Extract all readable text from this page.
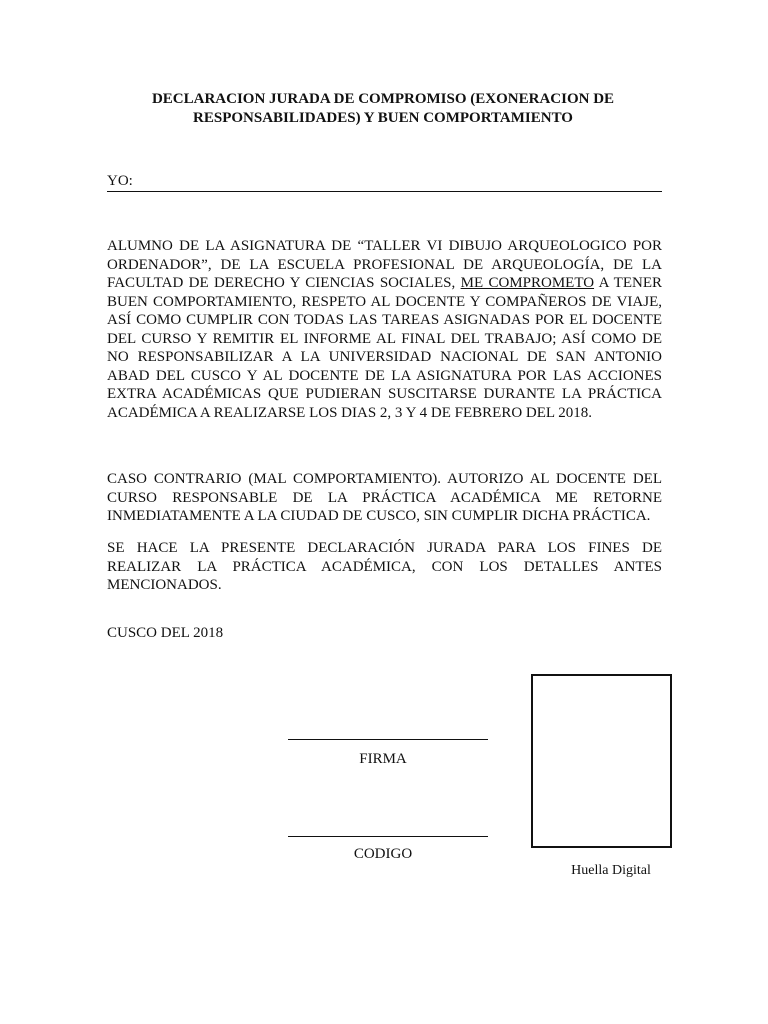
DECLARACION JURADA DE COMPROMISO (EXONERACION DE
RESPONSABILIDADES) Y BUEN COMPORTAMIENTO
YO:

ALUMNO DE LA ASIGNATURA DE “TALLER VI DIBUJO ARQUEOLOGICO POR ORDENADOR”, DE LA ESCUELA PROFESIONAL DE ARQUEOLOGÍA, DE LA FACULTAD DE DERECHO Y CIENCIAS SOCIALES, ME COMPROMETO A TENER BUEN COMPORTAMIENTO, RESPETO AL DOCENTE Y COMPAÑEROS DE VIAJE, ASÍ COMO CUMPLIR CON TODAS LAS TAREAS ASIGNADAS POR EL DOCENTE DEL CURSO Y REMITIR EL INFORME AL FINAL DEL TRABAJO; ASÍ COMO DE NO RESPONSABILIZAR A LA UNIVERSIDAD NACIONAL DE SAN ANTONIO ABAD DEL CUSCO Y AL DOCENTE DE LA ASIGNATURA POR LAS ACCIONES EXTRA ACADÉMICAS QUE PUDIERAN SUSCITARSE DURANTE LA PRÁCTICA ACADÉMICA A REALIZARSE LOS DIAS 2, 3 Y 4 DE FEBRERO DEL 2018.

CASO CONTRARIO (MAL COMPORTAMIENTO). AUTORIZO AL DOCENTE DEL CURSO RESPONSABLE DE LA PRÁCTICA ACADÉMICA ME RETORNE INMEDIATAMENTE A LA CIUDAD DE CUSCO, SIN CUMPLIR DICHA PRÁCTICA.

SE HACE LA PRESENTE DECLARACIÓN JURADA PARA LOS FINES DE REALIZAR LA PRÁCTICA ACADÉMICA, CON LOS DETALLES ANTES MENCIONADOS.

CUSCO DEL 2018
FIRMA
CODIGO
Huella Digital
